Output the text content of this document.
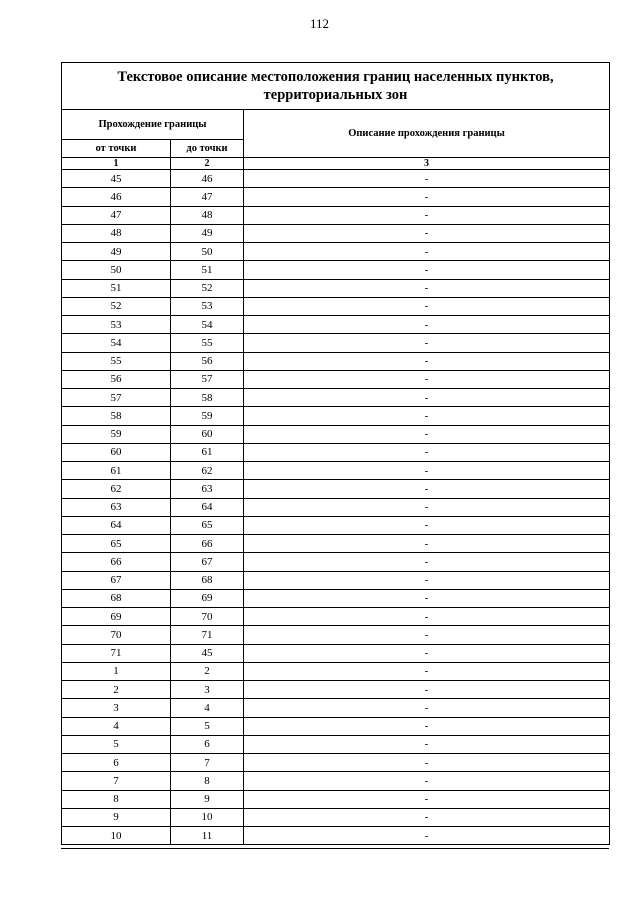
112
Текстовое описание местоположения границ населенных пунктов, территориальных зон		
Прохождение границы		Описание прохождения границы
от точки	до точки	
1	2	3
45	46	-
46	47	-
47	48	-
48	49	-
49	50	-
50	51	-
51	52	-
52	53	-
53	54	-
54	55	-
55	56	-
56	57	-
57	58	-
58	59	-
59	60	-
60	61	-
61	62	-
62	63	-
63	64	-
64	65	-
65	66	-
66	67	-
67	68	-
68	69	-
69	70	-
70	71	-
71	45	-
1	2	-
2	3	-
3	4	-
4	5	-
5	6	-
6	7	-
7	8	-
8	9	-
9	10	-
10	11	-
